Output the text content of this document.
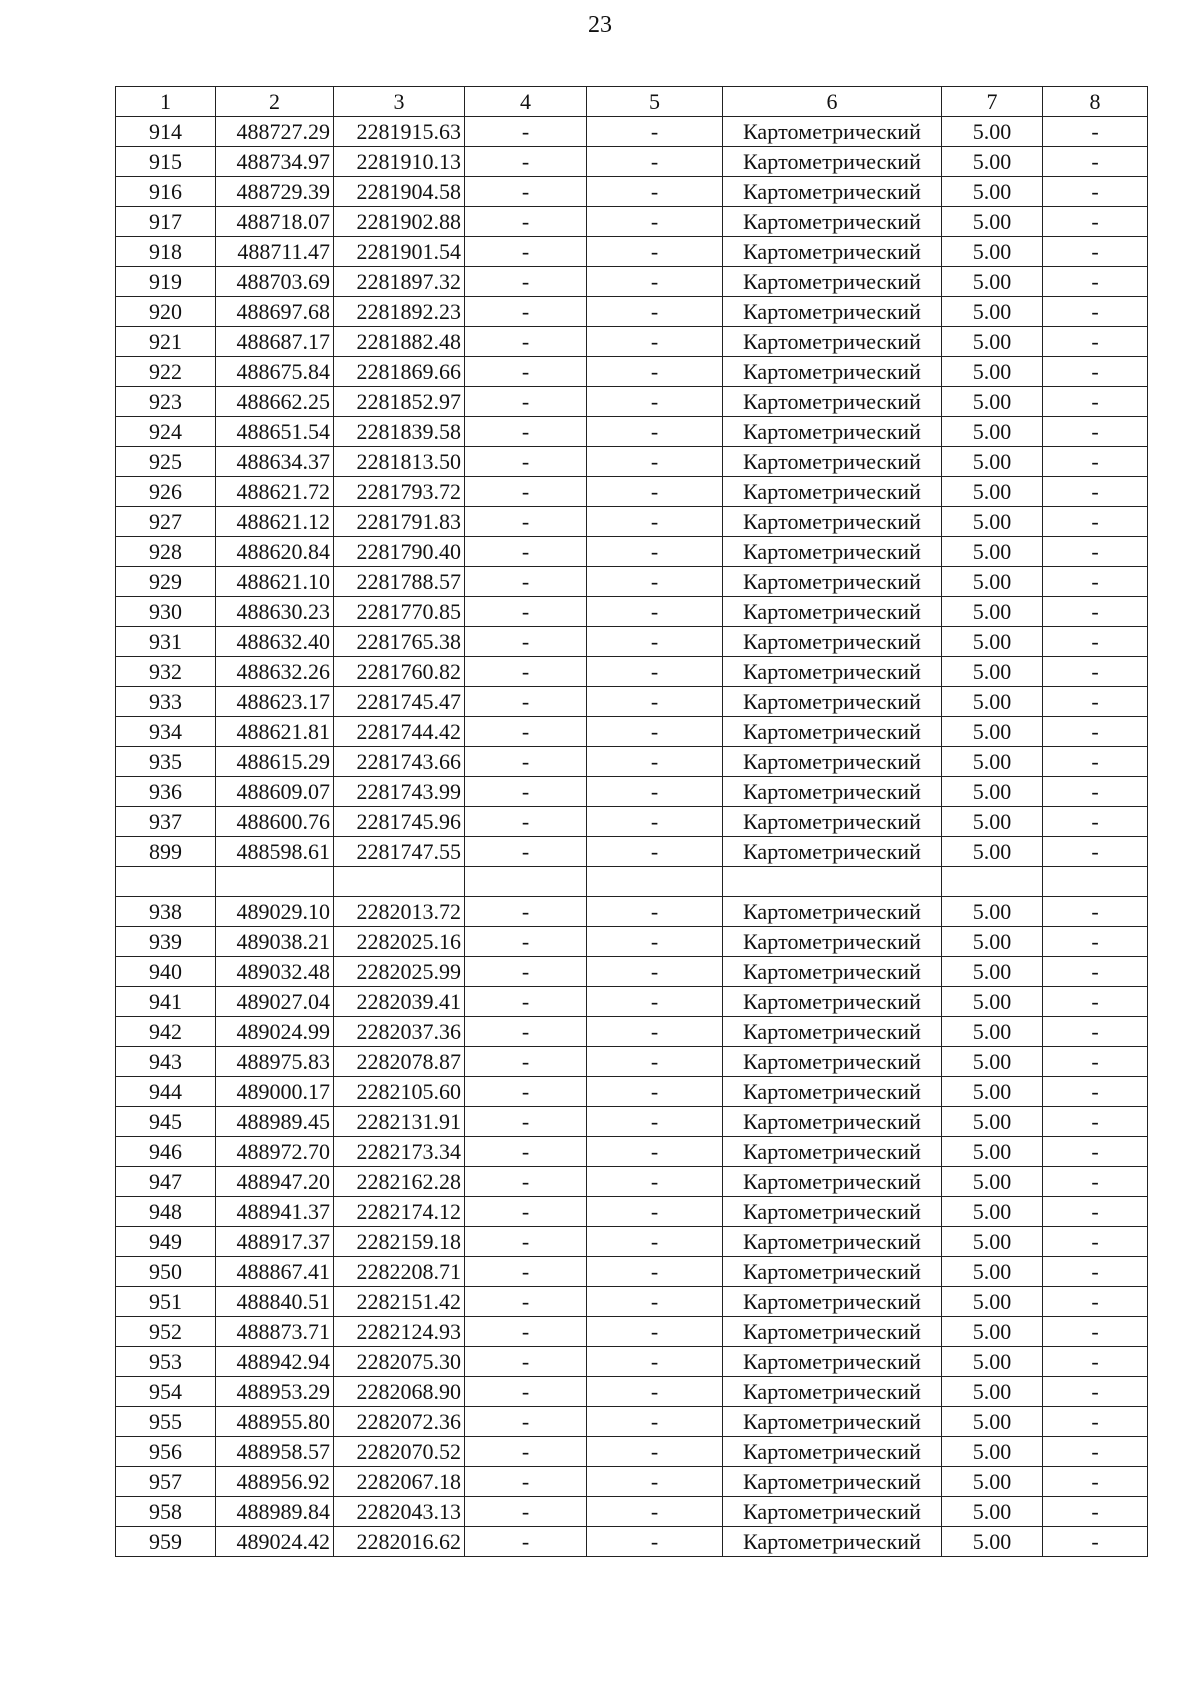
23
1	2	3	4	5	6	7	8
914	488727.29	2281915.63	-	-	Картометрический	5.00	-
915	488734.97	2281910.13	-	-	Картометрический	5.00	-
916	488729.39	2281904.58	-	-	Картометрический	5.00	-
917	488718.07	2281902.88	-	-	Картометрический	5.00	-
918	488711.47	2281901.54	-	-	Картометрический	5.00	-
919	488703.69	2281897.32	-	-	Картометрический	5.00	-
920	488697.68	2281892.23	-	-	Картометрический	5.00	-
921	488687.17	2281882.48	-	-	Картометрический	5.00	-
922	488675.84	2281869.66	-	-	Картометрический	5.00	-
923	488662.25	2281852.97	-	-	Картометрический	5.00	-
924	488651.54	2281839.58	-	-	Картометрический	5.00	-
925	488634.37	2281813.50	-	-	Картометрический	5.00	-
926	488621.72	2281793.72	-	-	Картометрический	5.00	-
927	488621.12	2281791.83	-	-	Картометрический	5.00	-
928	488620.84	2281790.40	-	-	Картометрический	5.00	-
929	488621.10	2281788.57	-	-	Картометрический	5.00	-
930	488630.23	2281770.85	-	-	Картометрический	5.00	-
931	488632.40	2281765.38	-	-	Картометрический	5.00	-
932	488632.26	2281760.82	-	-	Картометрический	5.00	-
933	488623.17	2281745.47	-	-	Картометрический	5.00	-
934	488621.81	2281744.42	-	-	Картометрический	5.00	-
935	488615.29	2281743.66	-	-	Картометрический	5.00	-
936	488609.07	2281743.99	-	-	Картометрический	5.00	-
937	488600.76	2281745.96	-	-	Картометрический	5.00	-
899	488598.61	2281747.55	-	-	Картометрический	5.00	-

938	489029.10	2282013.72	-	-	Картометрический	5.00	-
939	489038.21	2282025.16	-	-	Картометрический	5.00	-
940	489032.48	2282025.99	-	-	Картометрический	5.00	-
941	489027.04	2282039.41	-	-	Картометрический	5.00	-
942	489024.99	2282037.36	-	-	Картометрический	5.00	-
943	488975.83	2282078.87	-	-	Картометрический	5.00	-
944	489000.17	2282105.60	-	-	Картометрический	5.00	-
945	488989.45	2282131.91	-	-	Картометрический	5.00	-
946	488972.70	2282173.34	-	-	Картометрический	5.00	-
947	488947.20	2282162.28	-	-	Картометрический	5.00	-
948	488941.37	2282174.12	-	-	Картометрический	5.00	-
949	488917.37	2282159.18	-	-	Картометрический	5.00	-
950	488867.41	2282208.71	-	-	Картометрический	5.00	-
951	488840.51	2282151.42	-	-	Картометрический	5.00	-
952	488873.71	2282124.93	-	-	Картометрический	5.00	-
953	488942.94	2282075.30	-	-	Картометрический	5.00	-
954	488953.29	2282068.90	-	-	Картометрический	5.00	-
955	488955.80	2282072.36	-	-	Картометрический	5.00	-
956	488958.57	2282070.52	-	-	Картометрический	5.00	-
957	488956.92	2282067.18	-	-	Картометрический	5.00	-
958	488989.84	2282043.13	-	-	Картометрический	5.00	-
959	489024.42	2282016.62	-	-	Картометрический	5.00	-
